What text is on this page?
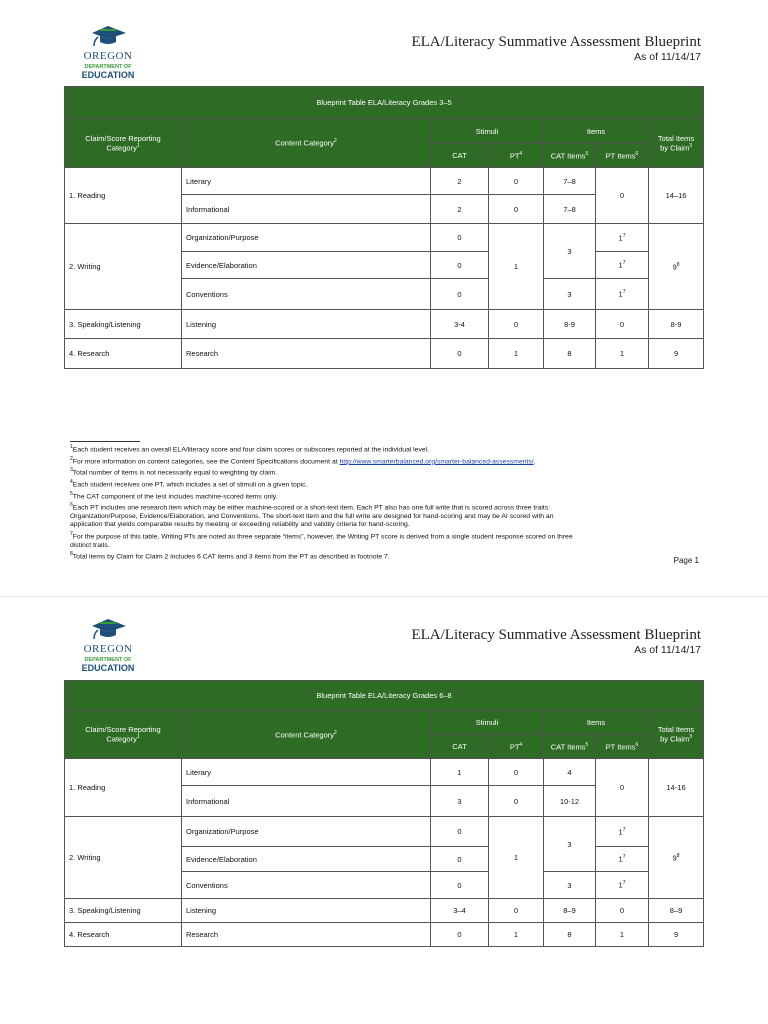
OREGON
DEPARTMENT OF
EDUCATION
ELA/Literacy Summative Assessment Blueprint
As of 11/14/17
Blueprint Table ELA/Literacy Grades 3–5						
Claim/Score Reporting Category$^1$	Content Category$^2$	Stimuli		Items		Total Items by Claim$^3$
		CAT	$PT^4$	CAT Items$^5$	PT Items$^6$
1. Reading	Literary	2	0	7–8	0	14–16
	Informational	2	0	7–8		
2. Writing	Organization/Purpose	0	1	3	$1^7$	$9^8$
	Evidence/Elaboration	0			$1^7$
	Conventions	0		3	$1^7$
3. Speaking/Listening	Listening	3-4	0	8-9	0	8-9
4. Research	Research	0	1	8	1	9
$^1$Each student receives an overall ELA/literacy score and four claim scores or subscores reported at the individual level.
$^2$For more information on content categories, see the Content Specifications document at http://www.smarterbalanced.org/smarter-balanced-assessments/.
$^3$Total number of items is not necessarily equal to weighting by claim.
$^4$Each student receives one PT, which includes a set of stimuli on a given topic.
$^5$The CAT component of the test includes machine-scored items only.
$^6$Each PT includes one research item which may be either machine-scored or a short-text item. Each PT also has one full write that is scored across three traits:
Organization/Purpose, Evidence/Elaboration, and Conventions. The short-text item and the full write are designed for hand-scoring and may be AI scored with an
application that yields comparable results by meeting or exceeding reliability and validity criteria for hand-scoring.
$^7$For the purpose of this table, Writing PTs are noted as three separate “items”, however, the Writing PT score is derived from a single student response scored on three
distinct traits.
$^8$Total items by Claim for Claim 2 includes 6 CAT items and 3 items from the PT as described in footnote 7.	Page 1
OREGON
DEPARTMENT OF
EDUCATION
ELA/Literacy Summative Assessment Blueprint
As of 11/14/17
Blueprint Table ELA/Literacy Grades 6–8						
Claim/Score Reporting Category$^1$	Content Category$^2$	Stimuli		Items		Total Items by Claim$^3$
		CAT	$PT^4$	CAT Items$^5$	PT Items$^6$
1. Reading	Literary	1	0	4	0	14-16
	Informational	3	0	10-12		
2. Writing	Organization/Purpose	0	1	3	$1^7$	$9^8$
	Evidence/Elaboration	0			$1^7$
	Conventions	0		3	$1^7$
3. Speaking/Listening	Listening	3–4	0	8–9	0	8–9
4. Research	Research	0	1	8	1	9
